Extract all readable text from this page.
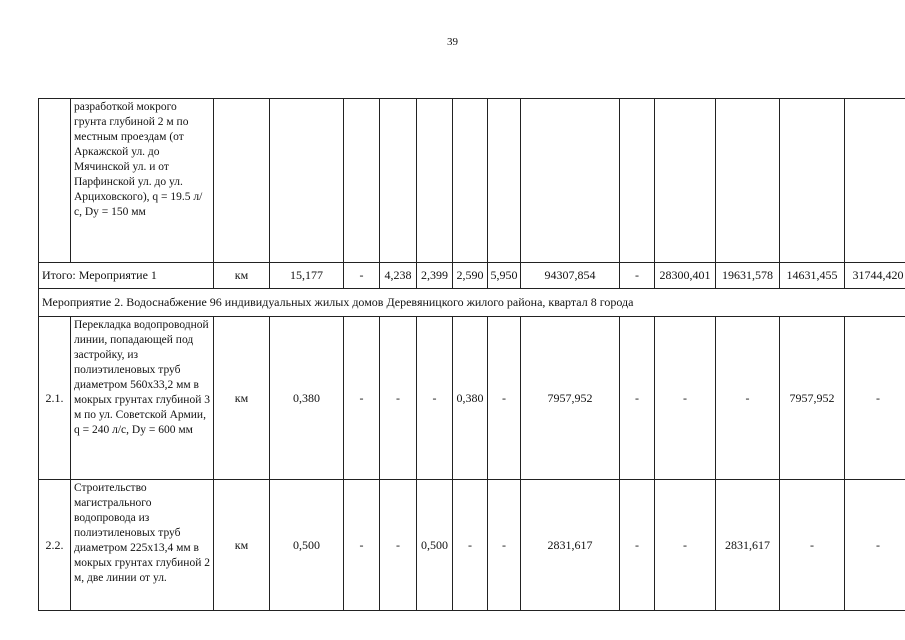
39
	разработкой мокрого грунта глубиной 2 м по местным проездам (от Аркажской ул. до Мячинской ул. и от Парфинской ул. до ул. Арциховского), q = 19.5 л/с, Dу = 150 мм													
Итого: Мероприятие 1		км	15,177	-	4,238	2,399	2,590	5,950	94307,854	-	28300,401	19631,578	14631,455	31744,420
Мероприятие 2. Водоснабжение 96 индивидуальных жилых домов Деревяницкого жилого района, квартал 8 города														
2.1.	Перекладка водопроводной линии, попадающей под застройку, из полиэтиленовых труб диаметром 560х33,2 мм в мокрых грунтах глубиной 3 м по ул. Советской Армии, q = 240 л/с, Dу = 600 мм	км	0,380	-	-	-	0,380	-	7957,952	-	-	-	7957,952	-
2.2.	Строительство магистрального водопровода из полиэтиленовых труб диаметром 225х13,4 мм в мокрых грунтах глубиной 2 м, две линии от ул.	км	0,500	-	-	0,500	-	-	2831,617	-	-	2831,617	-	-
